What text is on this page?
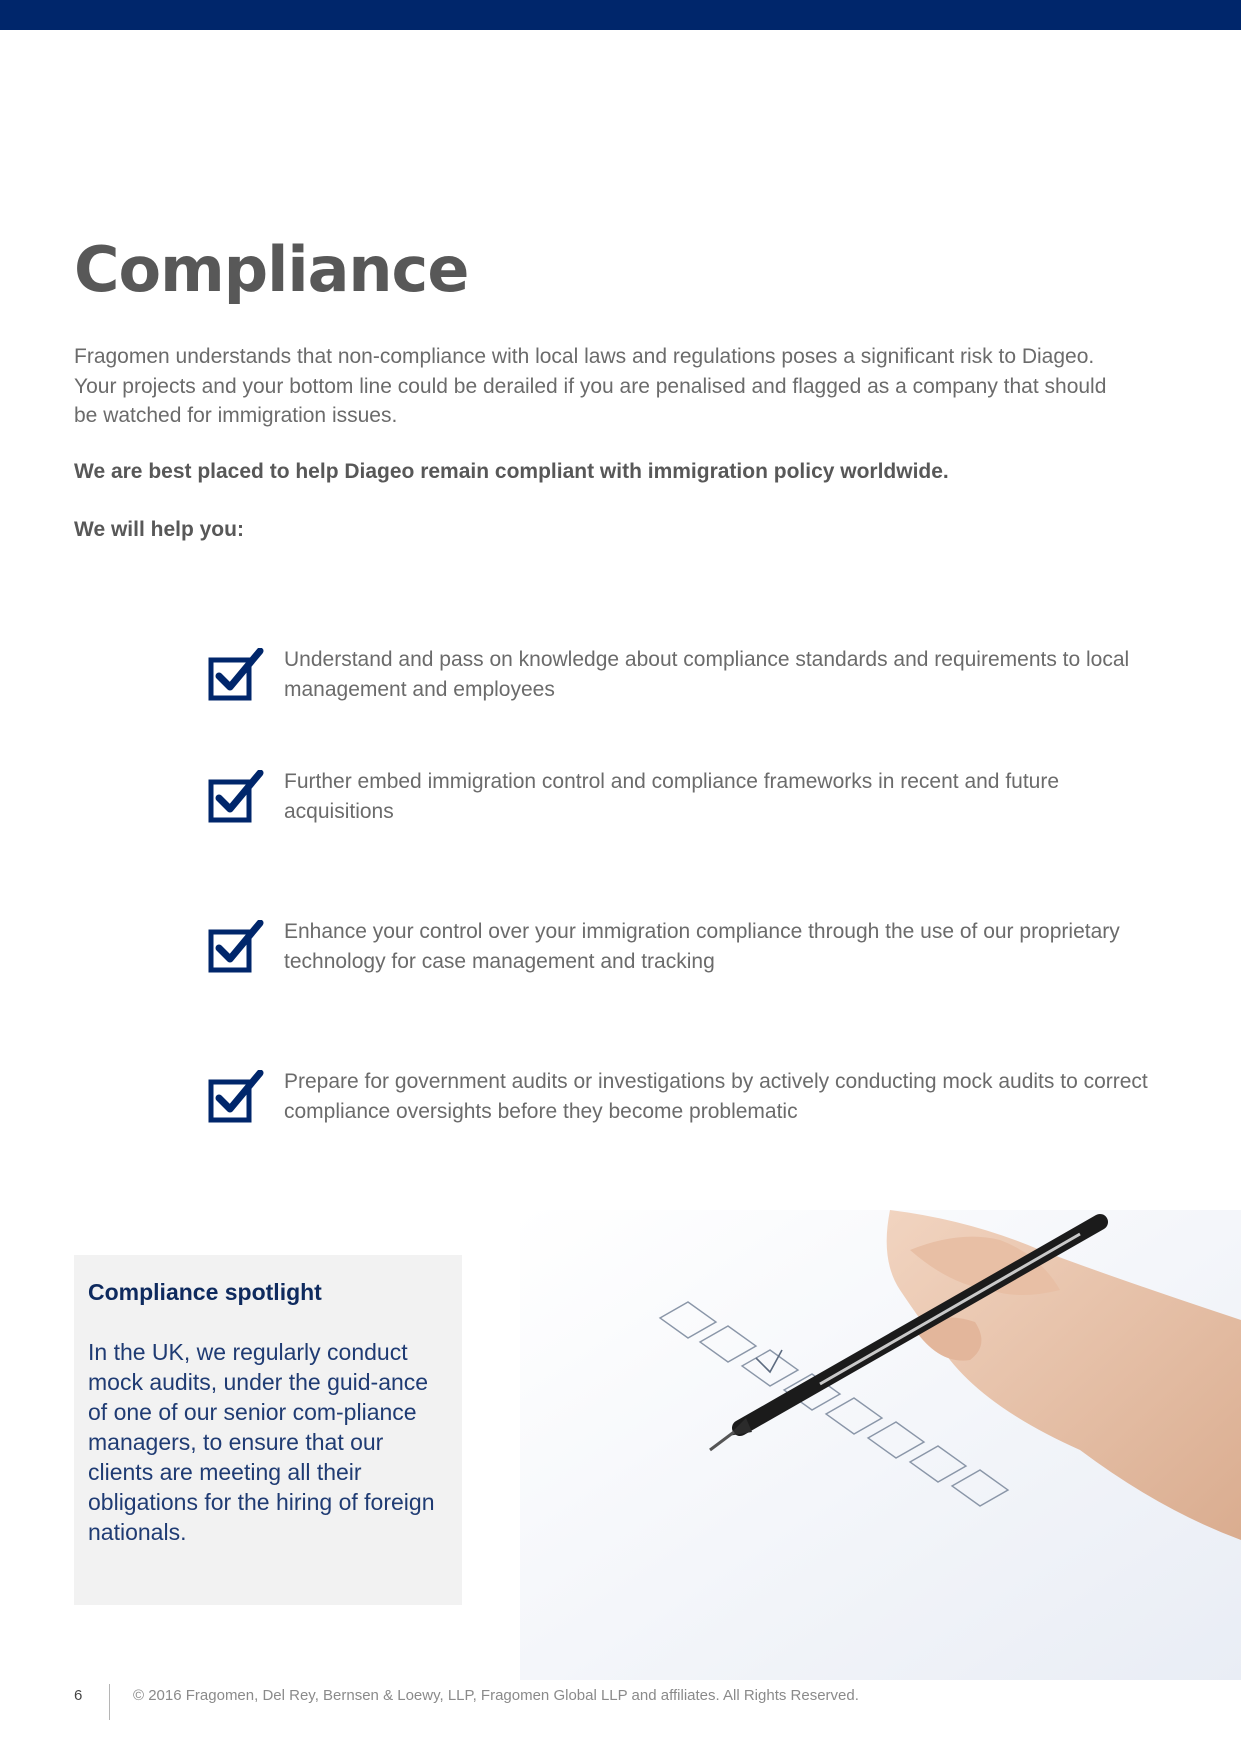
Compliance

Fragomen understands that non-compliance with local laws and regulations poses a significant risk to Diageo. Your projects and your bottom line could be derailed if you are penalised and flagged as a company that should be watched for immigration issues.

We are best placed to help Diageo remain compliant with immigration policy worldwide.

We will help you:

Understand and pass on knowledge about compliance standards and requirements to local management and employees

Further embed immigration control and compliance frameworks in recent and future acquisitions

Enhance your control over your immigration compliance through the use of our proprietary technology for case management and tracking

Prepare for government audits or investigations by actively conducting mock audits to correct compliance oversights before they become problematic

Compliance spotlight

In the UK, we regularly conduct mock audits, under the guid-ance of one of our senior com-pliance managers, to ensure that our clients are meeting all their obligations for the hiring of foreign nationals.

6	© 2016 Fragomen, Del Rey, Bernsen & Loewy, LLP, Fragomen Global LLP and affiliates. All Rights Reserved.
